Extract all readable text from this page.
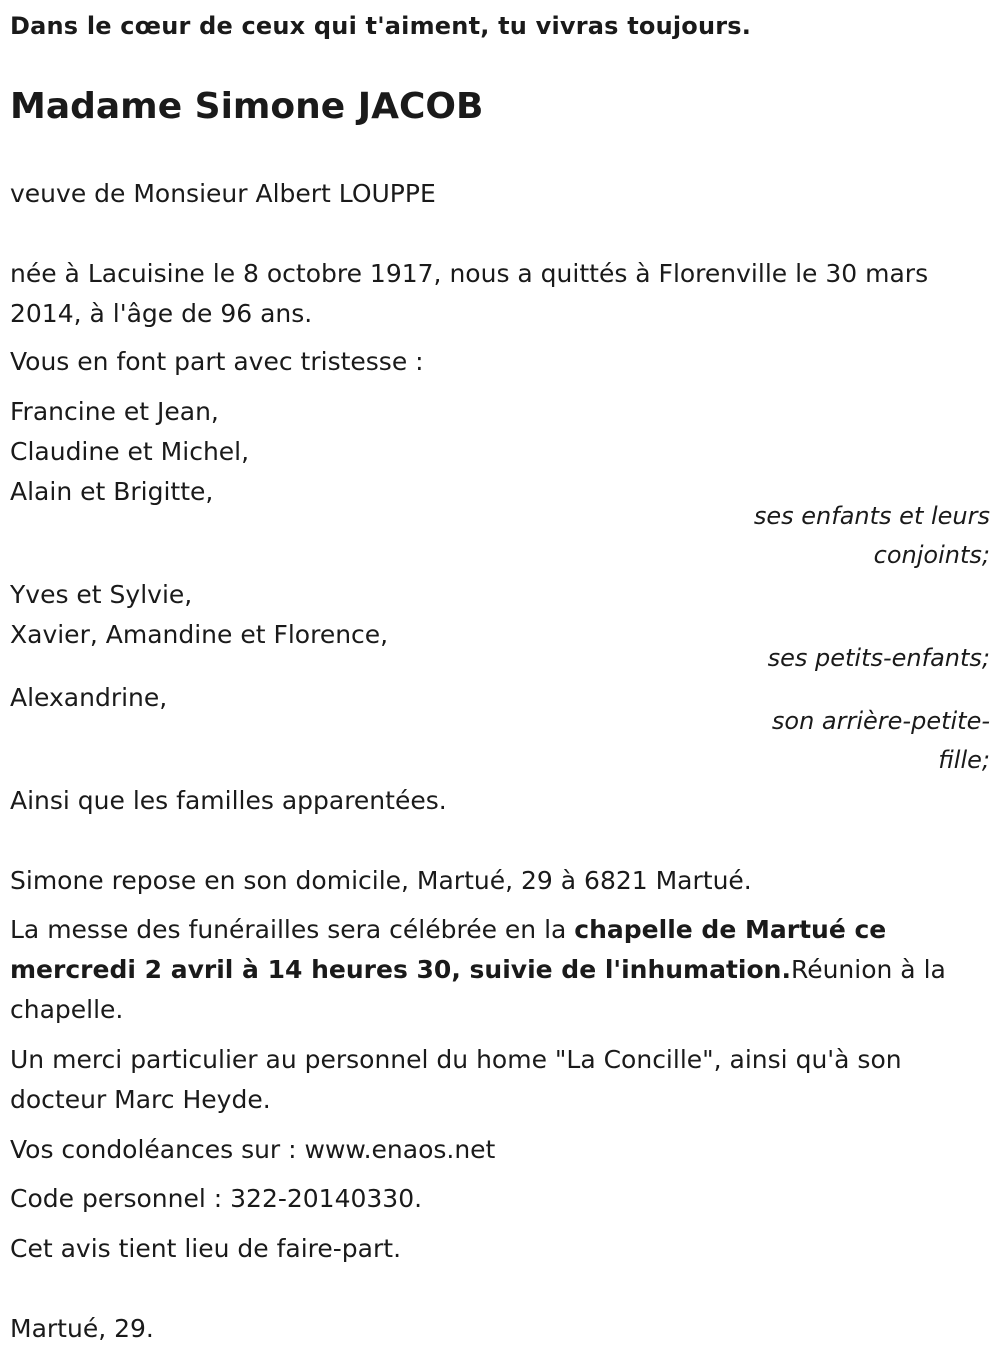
Dans le cœur de ceux qui t'aiment, tu vivras toujours.
Madame Simone JACOB
veuve de Monsieur Albert LOUPPE
née à Lacuisine le 8 octobre 1917, nous a quittés à Florenville le 30 mars
2014, à l'âge de 96 ans.
Vous en font part avec tristesse :
Francine et Jean,
Claudine et Michel,
Alain et Brigitte,
ses enfants et leurs
conjoints;
Yves et Sylvie,
Xavier, Amandine et Florence,
ses petits-enfants;
Alexandrine,
son arrière-petite-
fille;
Ainsi que les familles apparentées.
Simone repose en son domicile, Martué, 29 à 6821 Martué.
La messe des funérailles sera célébrée en la chapelle de Martué ce
mercredi 2 avril à 14 heures 30, suivie de l'inhumation.Réunion à la
chapelle.
Un merci particulier au personnel du home "La Concille", ainsi qu'à son
docteur Marc Heyde.
Vos condoléances sur : www.enaos.net
Code personnel : 322-20140330.
Cet avis tient lieu de faire-part.
Martué, 29.
